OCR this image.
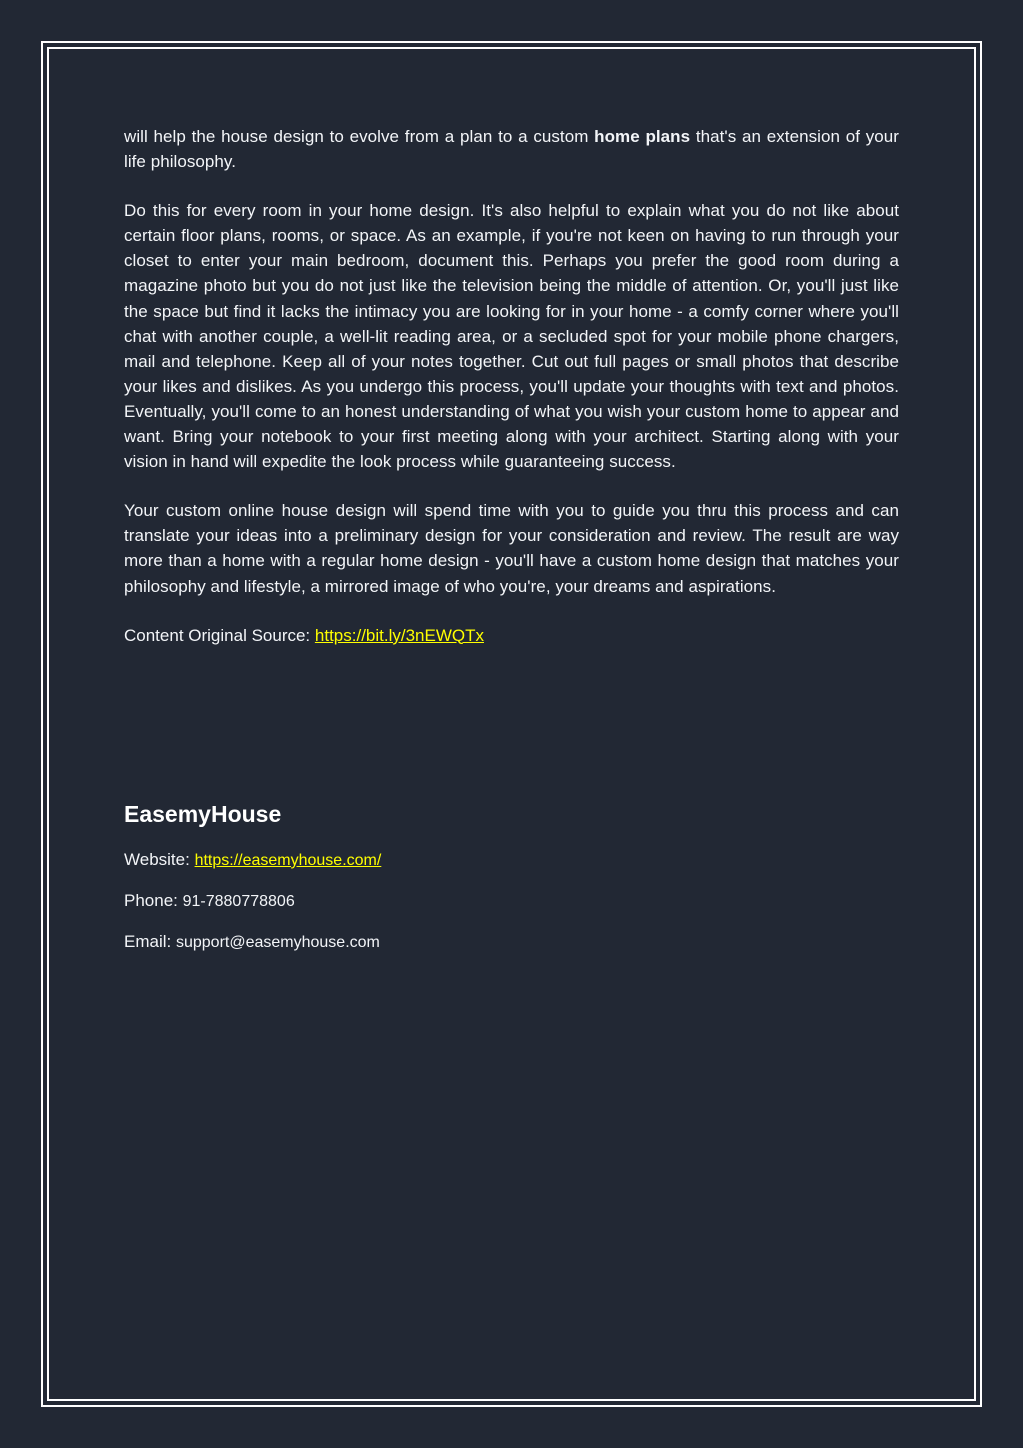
will help the house design to evolve from a plan to a custom home plans that's an extension of your life philosophy.

Do this for every room in your home design. It's also helpful to explain what you do not like about certain floor plans, rooms, or space. As an example, if you're not keen on having to run through your closet to enter your main bedroom, document this. Perhaps you prefer the good room during a magazine photo but you do not just like the television being the middle of attention. Or, you'll just like the space but find it lacks the intimacy you are looking for in your home - a comfy corner where you'll chat with another couple, a well-lit reading area, or a secluded spot for your mobile phone chargers, mail and telephone. Keep all of your notes together. Cut out full pages or small photos that describe your likes and dislikes. As you undergo this process, you'll update your thoughts with text and photos. Eventually, you'll come to an honest understanding of what you wish your custom home to appear and want. Bring your notebook to your first meeting along with your architect. Starting along with your vision in hand will expedite the look process while guaranteeing success.

Your custom online house design will spend time with you to guide you thru this process and can translate your ideas into a preliminary design for your consideration and review. The result are way more than a home with a regular home design - you'll have a custom home design that matches your philosophy and lifestyle, a mirrored image of who you're, your dreams and aspirations.

Content Original Source: https://bit.ly/3nEWQTx

EasemyHouse

Website: https://easemyhouse.com/

Phone: 91-7880778806

Email: support@easemyhouse.com
